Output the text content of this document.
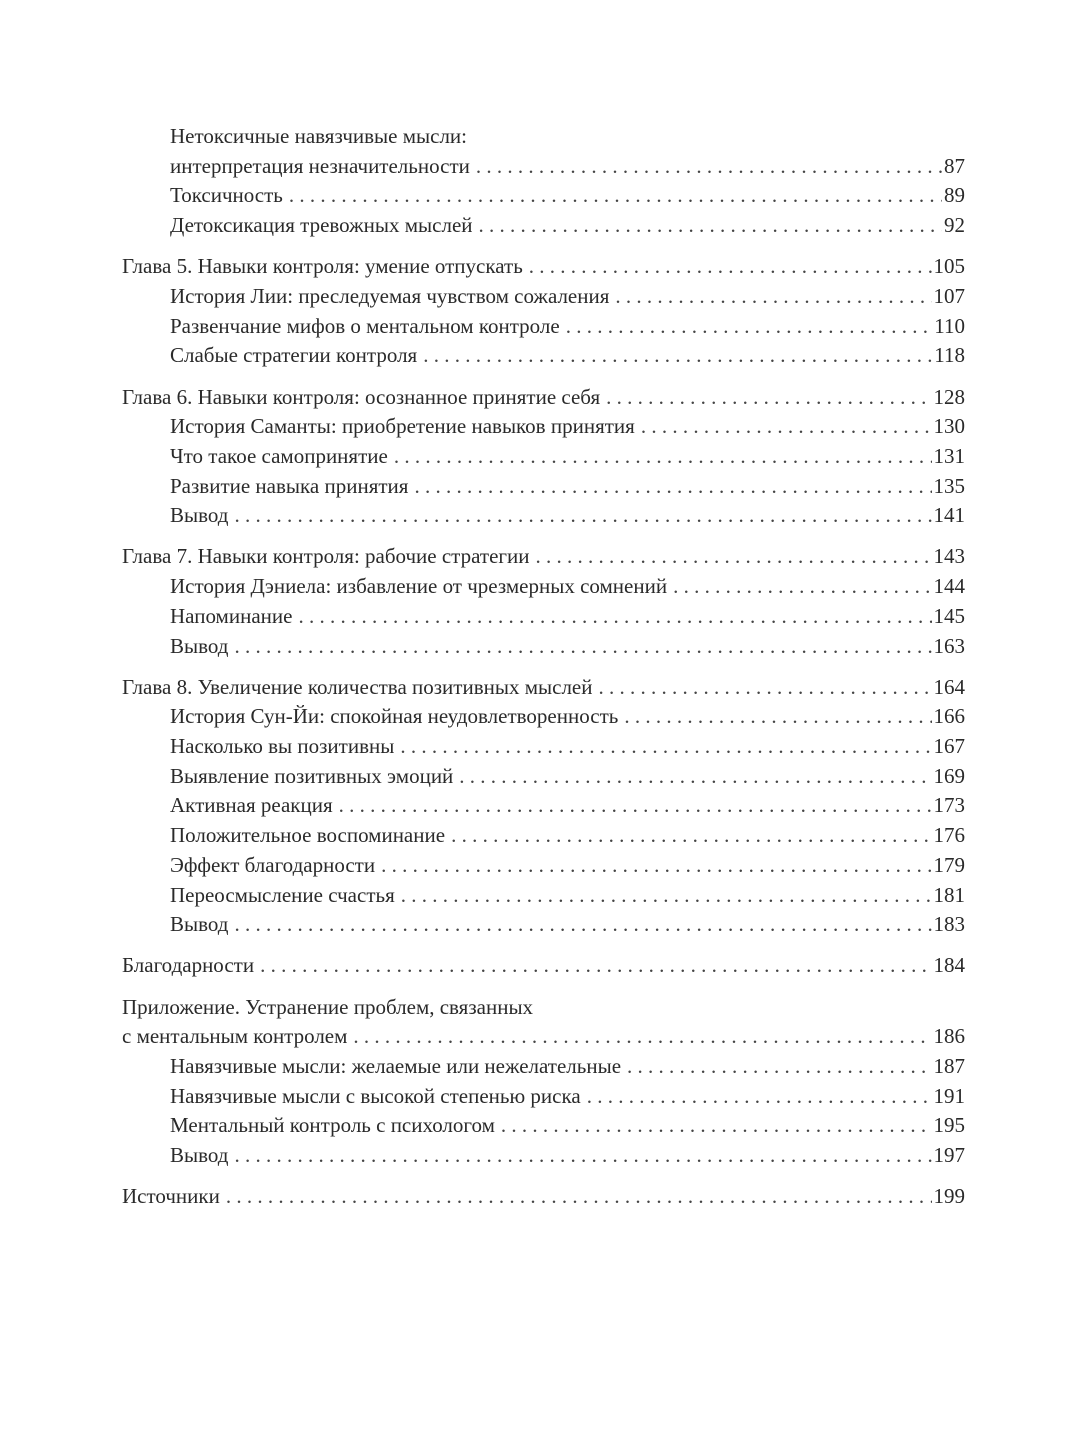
Нетоксичные навязчивые мысли:
интерпретация незначительности . . .	87
Токсичность . . .	89
Детоксикация тревожных мыслей . . .	92
Глава 5. Навыки контроля: умение отпускать . . .	105
История Лии: преследуемая чувством сожаления . . .	107
Развенчание мифов о ментальном контроле . . .	110
Слабые стратегии контроля . . .	118
Глава 6. Навыки контроля: осознанное принятие себя . . .	128
История Саманты: приобретение навыков принятия . . .	130
Что такое самопринятие . . .	131
Развитие навыка принятия . . .	135
Вывод . . .	141
Глава 7. Навыки контроля: рабочие стратегии . . .	143
История Дэниела: избавление от чрезмерных сомнений . . .	144
Напоминание . . .	145
Вывод . . .	163
Глава 8. Увеличение количества позитивных мыслей . . .	164
История Сун-Йи: спокойная неудовлетворенность . . .	166
Насколько вы позитивны . . .	167
Выявление позитивных эмоций . . .	169
Активная реакция . . .	173
Положительное воспоминание . . .	176
Эффект благодарности . . .	179
Переосмысление счастья . . .	181
Вывод . . .	183
Благодарности . . .	184
Приложение. Устранение проблем, связанных
с ментальным контролем . . .	186
Навязчивые мысли: желаемые или нежелательные . . .	187
Навязчивые мысли с высокой степенью риска . . .	191
Ментальный контроль с психологом . . .	195
Вывод . . .	197
Источники . . .	199
